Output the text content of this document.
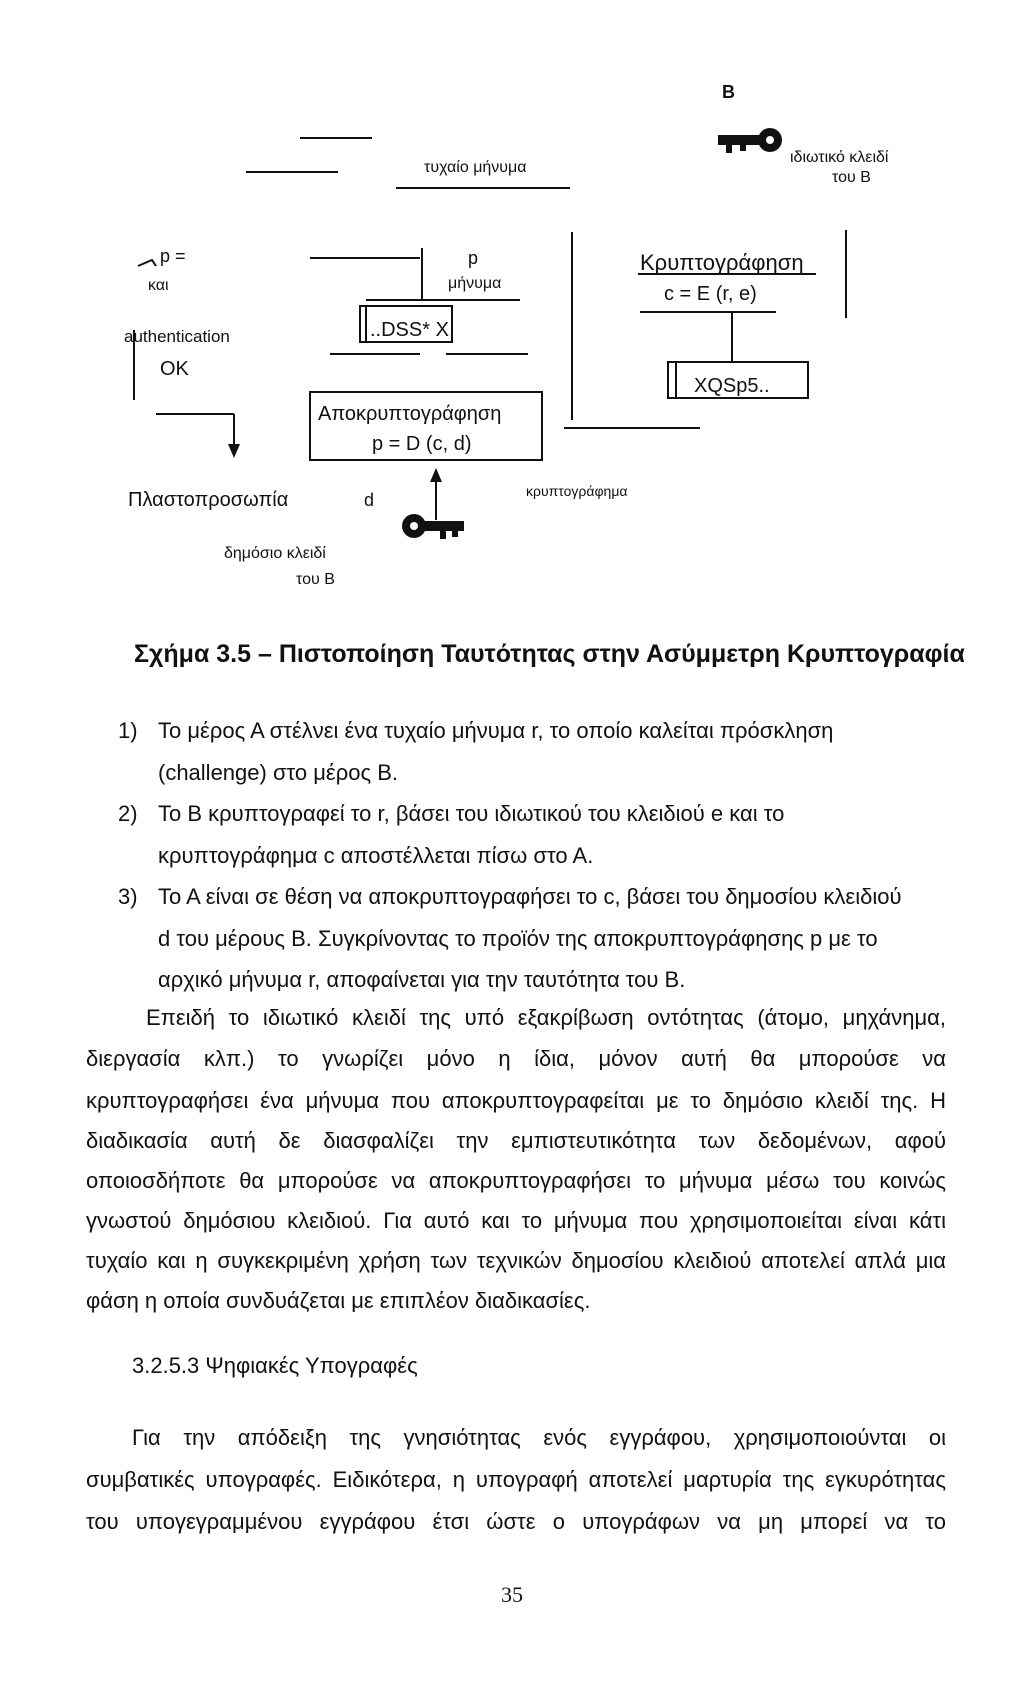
B
τυχαίο μήνυμα
ιδιωτικό κλειδί
του Β
p =
και
authentication
OK
p
μήνυμα
..DSS* X
Αποκρυπτογράφηση
p = D (c, d)
Κρυπτογράφηση
c = E (r, e)
XQSp5..
κρυπτογράφημα
Πλαστοπροσωπία	d
δημόσιο κλειδί
του Β
Σχήμα 3.5 – Πιστοποίηση Ταυτότητας στην Ασύμμετρη Κρυπτογραφία
1) Το μέρος Α στέλνει ένα τυχαίο μήνυμα r, το οποίο καλείται πρόσκληση
(challenge) στο μέρος Β.
2) Το Β κρυπτογραφεί το r, βάσει του ιδιωτικού του κλειδιού e και το
κρυπτογράφημα c αποστέλλεται πίσω στο Α.
3) Το Α είναι σε θέση να αποκρυπτογραφήσει το c, βάσει του δημοσίου κλειδιού
d του μέρους Β. Συγκρίνοντας το προϊόν της αποκρυπτογράφησης p με το
αρχικό μήνυμα r, αποφαίνεται για την ταυτότητα του Β.
Επειδή το ιδιωτικό κλειδί της υπό εξακρίβωση οντότητας (άτομο, μηχάνημα,
διεργασία κλπ.) το γνωρίζει μόνο η ίδια, μόνον αυτή θα μπορούσε να
κρυπτογραφήσει ένα μήνυμα που αποκρυπτογραφείται με το δημόσιο κλειδί της. Η
διαδικασία αυτή δε διασφαλίζει την εμπιστευτικότητα των δεδομένων, αφού
οποιοσδήποτε θα μπορούσε να αποκρυπτογραφήσει το μήνυμα μέσω του κοινώς
γνωστού δημόσιου κλειδιού. Για αυτό και το μήνυμα που χρησιμοποιείται είναι κάτι
τυχαίο και η συγκεκριμένη χρήση των τεχνικών δημοσίου κλειδιού αποτελεί απλά μια
φάση η οποία συνδυάζεται με επιπλέον διαδικασίες.
3.2.5.3 Ψηφιακές Υπογραφές
Για την απόδειξη της γνησιότητας ενός εγγράφου, χρησιμοποιούνται οι
συμβατικές υπογραφές. Ειδικότερα, η υπογραφή αποτελεί μαρτυρία της εγκυρότητας
του υπογεγραμμένου εγγράφου έτσι ώστε ο υπογράφων να μη μπορεί να το
35
